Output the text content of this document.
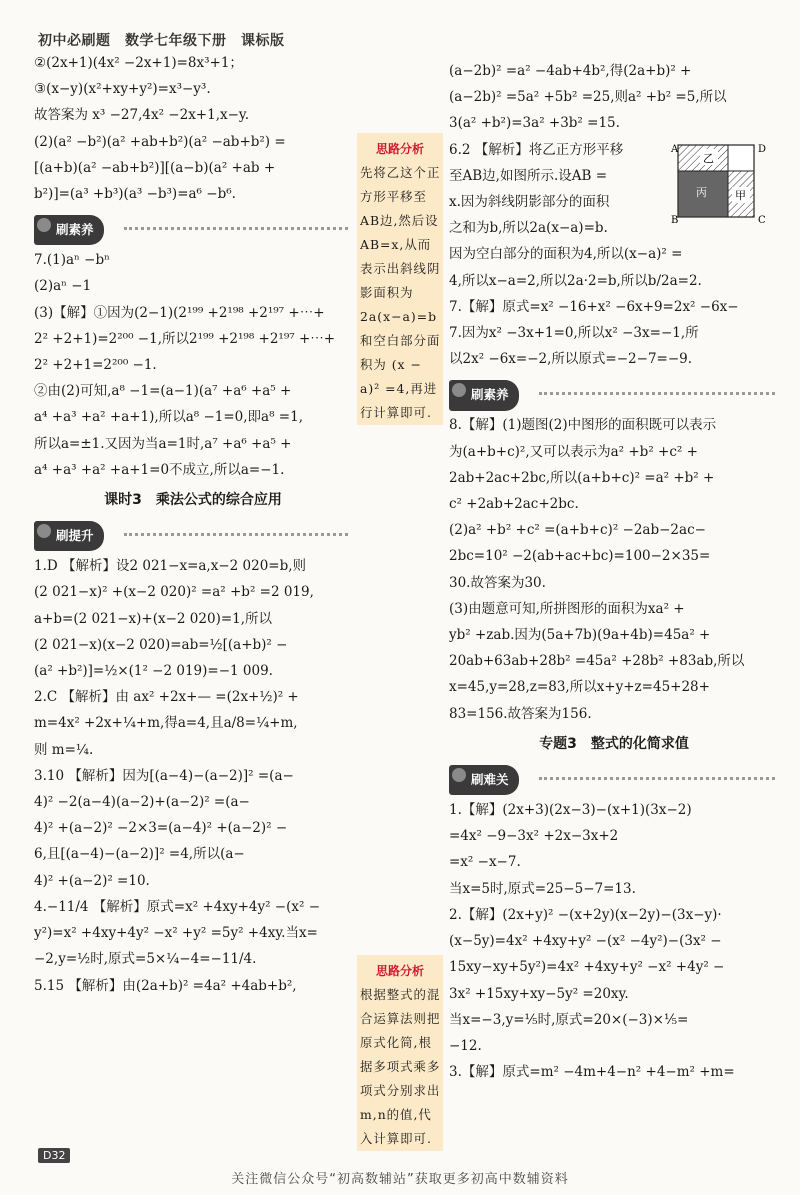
初中必刷题　数学七年级下册　课标版

②(2x+1)(4x² −2x+1)=8x³+1；

③(x−y)(x²+xy+y²)=x³−y³.

故答案为 x³ −27,4x² −2x+1,x−y.

(2)(a² −b²)(a² +ab+b²)(a² −ab+b²) =

[(a+b)(a² −ab+b²)][(a−b)(a² +ab +

b²)]=(a³ +b³)(a³ −b³)=a⁶ −b⁶.

刷素养

7.(1)aⁿ −bⁿ

(2)aⁿ −1

(3)【解】①因为(2−1)(2¹⁹⁹ +2¹⁹⁸ +2¹⁹⁷ +⋯+

2² +2+1)=2²⁰⁰ −1,所以2¹⁹⁹ +2¹⁹⁸ +2¹⁹⁷ +⋯+

2² +2+1=2²⁰⁰ −1.

②由(2)可知,a⁸ −1=(a−1)(a⁷ +a⁶ +a⁵ +

a⁴ +a³ +a² +a+1),所以a⁸ −1=0,即a⁸ =1,

所以a=±1.又因为当a=1时,a⁷ +a⁶ +a⁵ +

a⁴ +a³ +a² +a+1=0不成立,所以a=−1.

课时3　乘法公式的综合应用
刷提升

1.D 【解析】设2 021−x=a,x−2 020=b,则

(2 021−x)² +(x−2 020)² =a² +b² =2 019,

a+b=(2 021−x)+(x−2 020)=1,所以

(2 021−x)(x−2 020)=ab=½[(a+b)² −

(a² +b²)]=½×(1² −2 019)=−1 009.

2.C 【解析】由 ax² +2x+— =(2x+½)² +

m=4x² +2x+¼+m,得a=4,且a/8=¼+m,

则 m=¼.

3.10 【解析】因为[(a−4)−(a−2)]² =(a−

4)² −2(a−4)(a−2)+(a−2)² =(a−

4)² +(a−2)² −2×3=(a−4)² +(a−2)² −

6,且[(a−4)−(a−2)]² =4,所以(a−

4)² +(a−2)² =10.

4.−11/4 【解析】原式=x² +4xy+4y² −(x² −

y²)=x² +4xy+4y² −x² +y² =5y² +4xy.当x=

−2,y=½时,原式=5×¼−4=−11/4.

5.15 【解析】由(2a+b)² =4a² +4ab+b²,

思路分析

先将乙这个正

方形平移至

AB边,然后设

AB=x,从而

表示出斜线阴

影面积为

2a(x−a)=b

和空白部分面

积为 (x −

a)² =4,再进

行计算即可.

思路分析

根据整式的混

合运算法则把

原式化简,根

据多项式乘多

项式分别求出

m,n的值,代

入计算即可.

(a−2b)² =a² −4ab+4b²,得(2a+b)² +

(a−2b)² =5a² +5b² =25,则a² +b² =5,所以

3(a² +b²)=3a² +3b² =15.

6.2 【解析】将乙正方形平移

至AB边,如图所示.设AB =

x.因为斜线阴影部分的面积

之和为b,所以2a(x−a)=b.

因为空白部分的面积为4,所以(x−a)² =

4,所以x−a=2,所以2a·2=b,所以b/2a=2.

7.【解】原式=x² −16+x² −6x+9=2x² −6x−

7.因为x² −3x+1=0,所以x² −3x=−1,所

以2x² −6x=−2,所以原式=−2−7=−9.

刷素养

8.【解】(1)题图(2)中图形的面积既可以表示

为(a+b+c)²,又可以表示为a² +b² +c² +

2ab+2ac+2bc,所以(a+b+c)² =a² +b² +

c² +2ab+2ac+2bc.

(2)a² +b² +c² =(a+b+c)² −2ab−2ac−

2bc=10² −2(ab+ac+bc)=100−2×35=

30.故答案为30.

(3)由题意可知,所拼图形的面积为xa² +

yb² +zab.因为(5a+7b)(9a+4b)=45a² +

20ab+63ab+28b² =45a² +28b² +83ab,所以

x=45,y=28,z=83,所以x+y+z=45+28+

83=156.故答案为156.

专题3　整式的化简求值
刷难关

1.【解】(2x+3)(2x−3)−(x+1)(3x−2)

=4x² −9−3x² +2x−3x+2

=x² −x−7.

当x=5时,原式=25−5−7=13.

2.【解】(2x+y)² −(x+2y)(x−2y)−(3x−y)·

(x−5y)=4x² +4xy+y² −(x² −4y²)−(3x² −

15xy−xy+5y²)=4x² +4xy+y² −x² +4y² −

3x² +15xy+xy−5y² =20xy.

当x=−3,y=⅕时,原式=20×(−3)×⅕=

−12.

3.【解】原式=m² −4m+4−n² +4−m² +m=

A	D
B	C
乙
丙	甲
D32
关注微信公众号“初高数辅站”获取更多初高中数辅资料
